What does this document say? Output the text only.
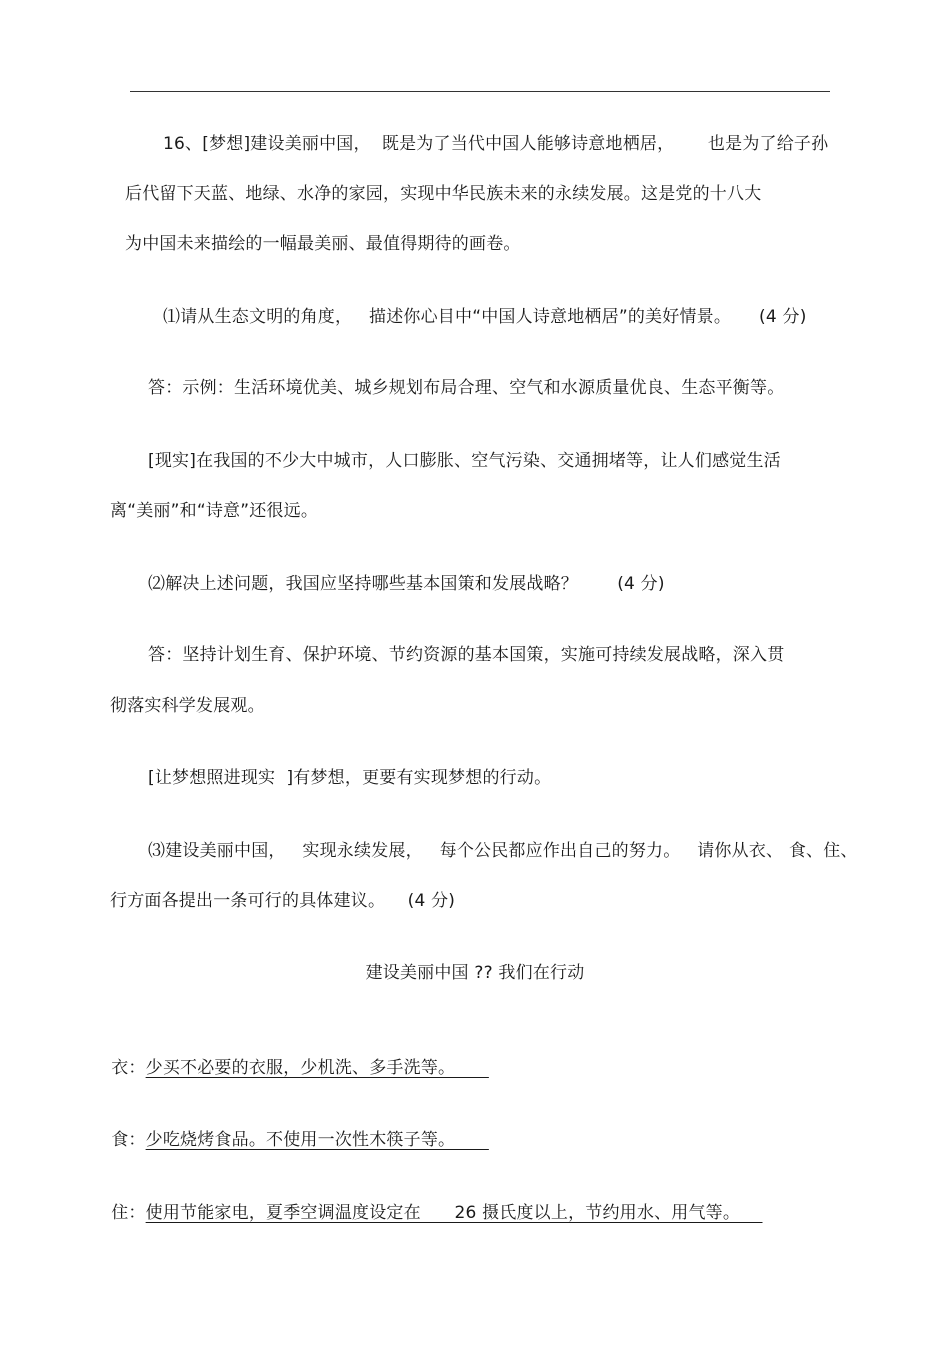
16、[梦想]建设美丽中国，  既是为了当代中国人能够诗意地栖居，      也是为了给子孙
后代留下天蓝、地绿、水净的家园，实现中华民族未来的永续发展。这是党的十八大
为中国未来描绘的一幅最美丽、最值得期待的画卷。
⑴请从生态文明的角度，   描述你心目中“中国人诗意地栖居”的美好情景。     (4 分)
答：示例：生活环境优美、城乡规划布局合理、空气和水源质量优良、生态平衡等。
[现实]在我国的不少大中城市，人口膨胀、空气污染、交通拥堵等，让人们感觉生活
离“美丽”和“诗意”还很远。
⑵解决上述问题，我国应坚持哪些基本国策和发展战略？       (4 分)
答：坚持计划生育、保护环境、节约资源的基本国策，实施可持续发展战略，深入贯
彻落实科学发展观。
[让梦想照进现实  ]有梦想，更要有实现梦想的行动。
⑶建设美丽中国，   实现永续发展，   每个公民都应作出自己的努力。   请你从衣、 食、住、
行方面各提出一条可行的具体建议。    (4 分)
建设美丽中国 ?? 我们在行动

衣：少买不必要的衣服，少机洗、多手洗等。

食：少吃烧烤食品。不使用一次性木筷子等。

住：使用节能家电，夏季空调温度设定在      26 摄氏度以上，节约用水、用气等。
